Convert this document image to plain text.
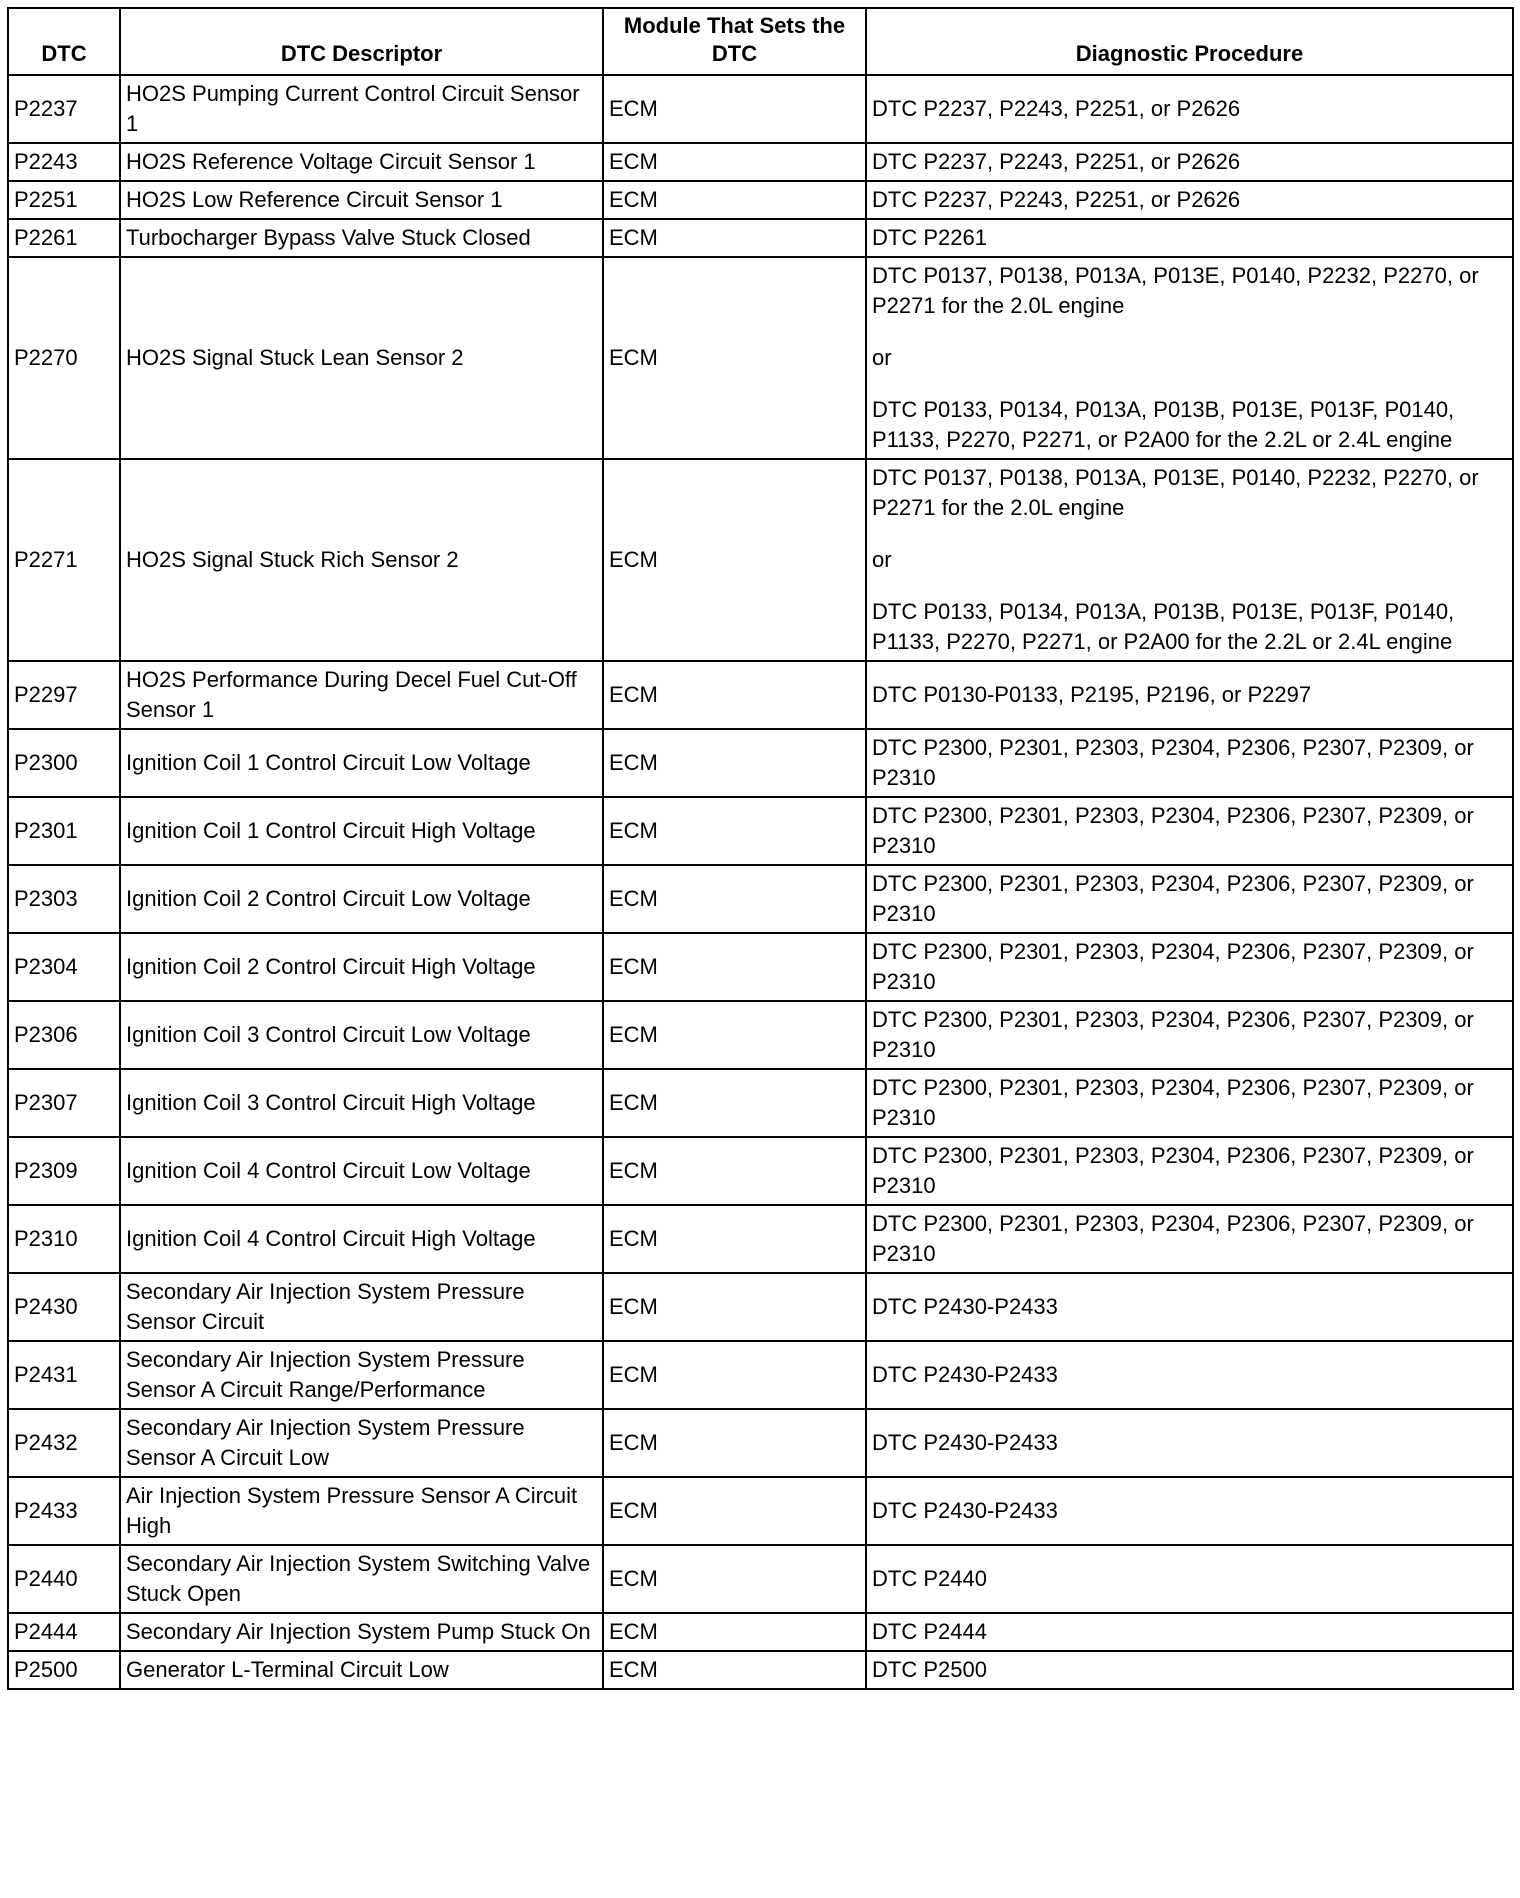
DTC	DTC Descriptor	Module That Sets the DTC	Diagnostic Procedure
P2237	HO2S Pumping Current Control Circuit Sensor 1	ECM	DTC P2237, P2243, P2251, or P2626

P2243	HO2S Reference Voltage Circuit Sensor 1	ECM	DTC P2237, P2243, P2251, or P2626

P2251	HO2S Low Reference Circuit Sensor 1	ECM	DTC P2237, P2243, P2251, or P2626

P2261	Turbocharger Bypass Valve Stuck Closed	ECM	DTC P2261

P2270	HO2S Signal Stuck Lean Sensor 2	ECM	DTC P0137, P0138, P013A, P013E, P0140, P2232, P2270, or P2271 for the 2.0L engine

or

DTC P0133, P0134, P013A, P013B, P013E, P013F, P0140, P1133, P2270, P2271, or P2A00 for the 2.2L or 2.4L engine

P2271	HO2S Signal Stuck Rich Sensor 2	ECM	DTC P0137, P0138, P013A, P013E, P0140, P2232, P2270, or P2271 for the 2.0L engine

or

DTC P0133, P0134, P013A, P013B, P013E, P013F, P0140, P1133, P2270, P2271, or P2A00 for the 2.2L or 2.4L engine

P2297	HO2S Performance During Decel Fuel Cut-Off Sensor 1	ECM	DTC P0130-P0133, P2195, P2196, or P2297

P2300	Ignition Coil 1 Control Circuit Low Voltage	ECM	DTC P2300, P2301, P2303, P2304, P2306, P2307, P2309, or P2310

P2301	Ignition Coil 1 Control Circuit High Voltage	ECM	DTC P2300, P2301, P2303, P2304, P2306, P2307, P2309, or P2310

P2303	Ignition Coil 2 Control Circuit Low Voltage	ECM	DTC P2300, P2301, P2303, P2304, P2306, P2307, P2309, or P2310

P2304	Ignition Coil 2 Control Circuit High Voltage	ECM	DTC P2300, P2301, P2303, P2304, P2306, P2307, P2309, or P2310

P2306	Ignition Coil 3 Control Circuit Low Voltage	ECM	DTC P2300, P2301, P2303, P2304, P2306, P2307, P2309, or P2310

P2307	Ignition Coil 3 Control Circuit High Voltage	ECM	DTC P2300, P2301, P2303, P2304, P2306, P2307, P2309, or P2310

P2309	Ignition Coil 4 Control Circuit Low Voltage	ECM	DTC P2300, P2301, P2303, P2304, P2306, P2307, P2309, or P2310

P2310	Ignition Coil 4 Control Circuit High Voltage	ECM	DTC P2300, P2301, P2303, P2304, P2306, P2307, P2309, or P2310

P2430	Secondary Air Injection System Pressure Sensor Circuit	ECM	DTC P2430-P2433

P2431	Secondary Air Injection System Pressure Sensor A Circuit Range/Performance	ECM	DTC P2430-P2433

P2432	Secondary Air Injection System Pressure Sensor A Circuit Low	ECM	DTC P2430-P2433

P2433	Air Injection System Pressure Sensor A Circuit High	ECM	DTC P2430-P2433

P2440	Secondary Air Injection System Switching Valve Stuck Open	ECM	DTC P2440

P2444	Secondary Air Injection System Pump Stuck On	ECM	DTC P2444

P2500	Generator L-Terminal Circuit Low	ECM	DTC P2500
